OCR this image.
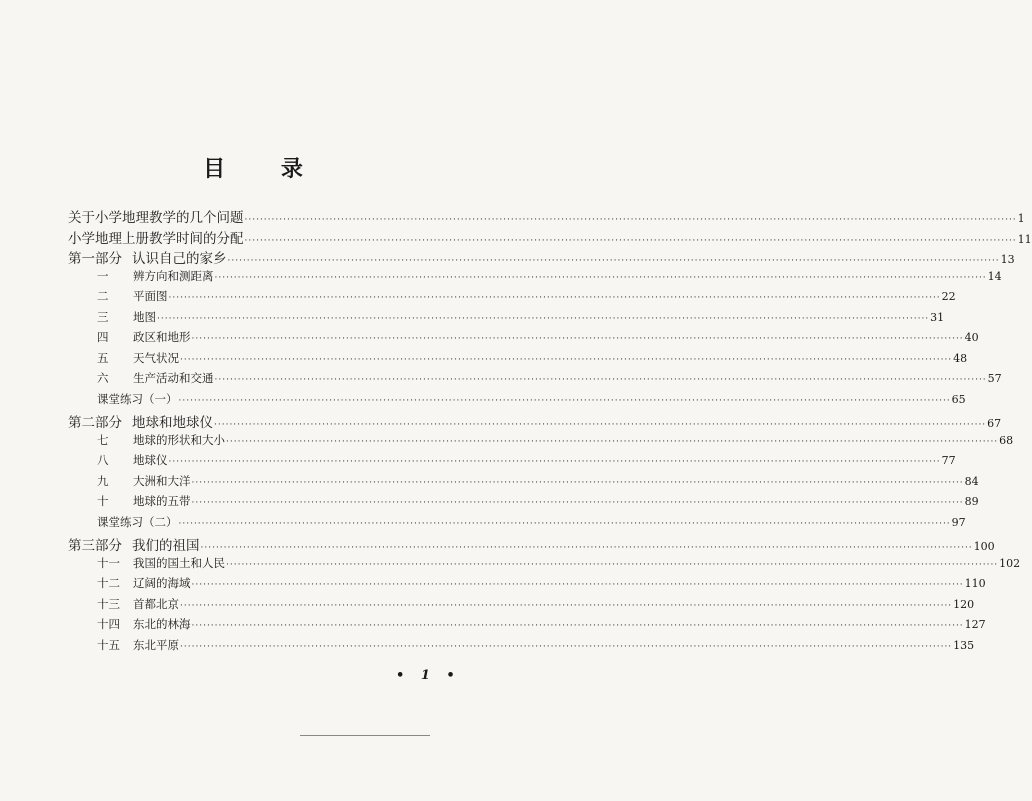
目 录
关于小学地理教学的几个问题 ········································································································································································································ 1
小学地理上册教学时间的分配 ········································································································································································································ 11
第一部分 认识自己的家乡 ········································································································································································································ 13
一	辨方向和测距离 ········································································································································································································ 14
二	平面图 ········································································································································································································ 22
三	地图 ········································································································································································································ 31
四	政区和地形 ········································································································································································································ 40
五	天气状况 ········································································································································································································ 48
六	生产活动和交通 ········································································································································································································ 57
课堂练习（一） ········································································································································································································ 65
第二部分 地球和地球仪 ········································································································································································································ 67
七	地球的形状和大小 ········································································································································································································ 68
八	地球仪 ········································································································································································································ 77
九	大洲和大洋 ········································································································································································································ 84
十	地球的五带 ········································································································································································································ 89
课堂练习（二） ········································································································································································································ 97
第三部分 我们的祖国 ········································································································································································································ 100
十一 我国的国土和人民 ········································································································································································································ 102
十二 辽阔的海域 ········································································································································································································ 110
十三 首都北京 ········································································································································································································ 120
十四 东北的林海 ········································································································································································································ 127
十五 东北平原 ········································································································································································································ 135
• 1 •
